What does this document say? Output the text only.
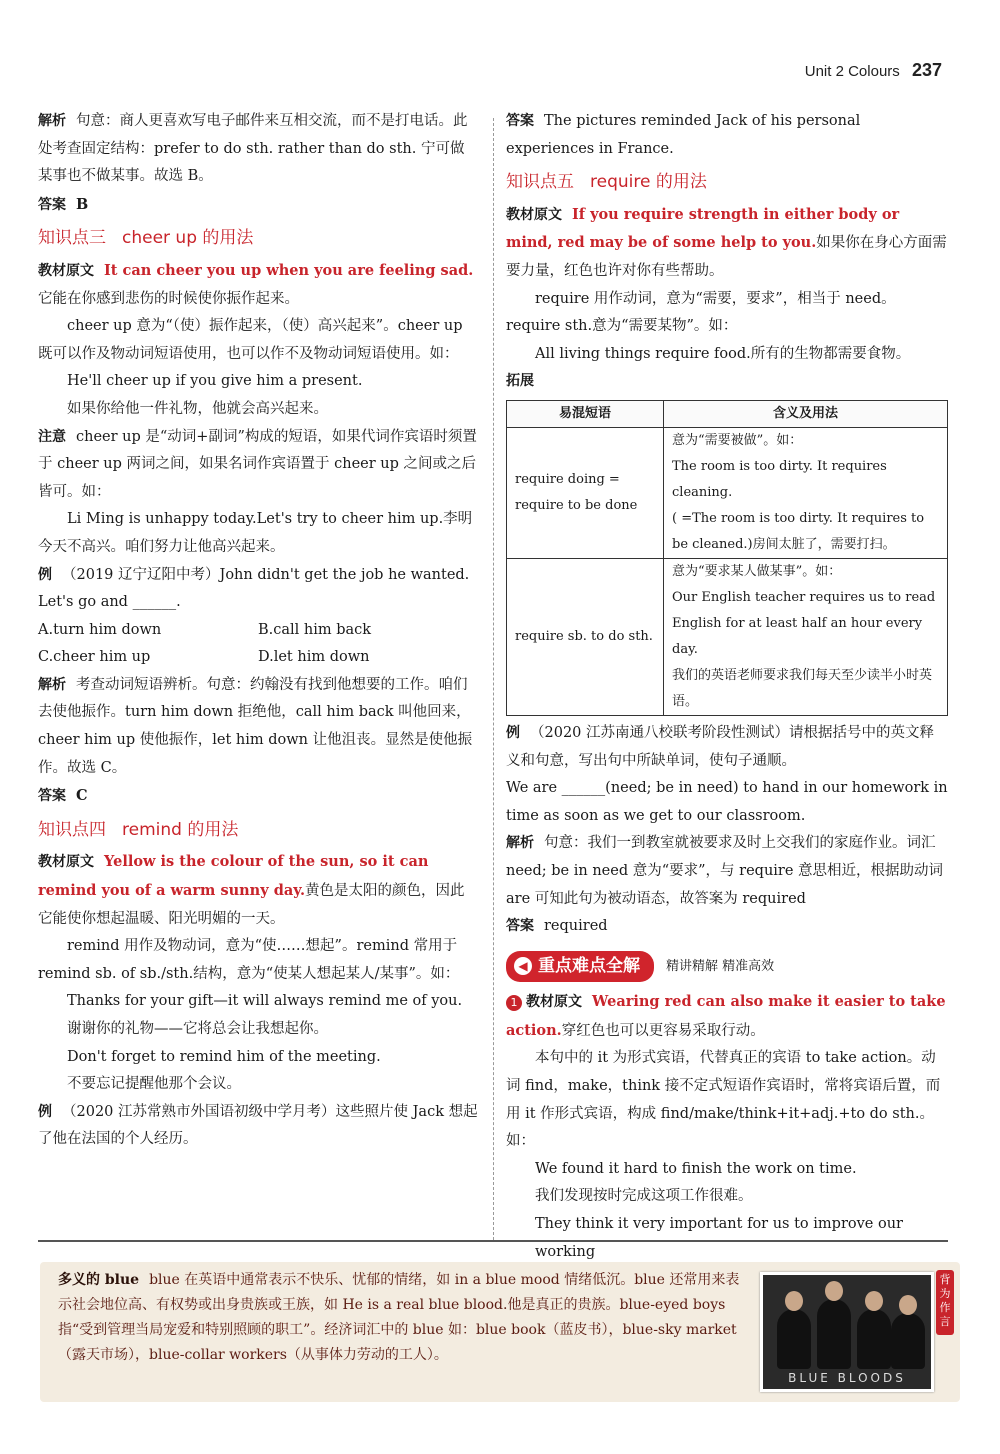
Unit 2 Colours 237

解析 句意：商人更喜欢写电子邮件来互相交流，而不是打电话。此处考查固定结构：prefer to do sth. rather than do sth. 宁可做某事也不做某事。故选 B。

答案 B

知识点三 cheer up 的用法

教材原文 It can cheer you up when you are feeling sad.它能在你感到悲伤的时候使你振作起来。

cheer up 意为“（使）振作起来，（使）高兴起来”。cheer up 既可以作及物动词短语使用，也可以作不及物动词短语使用。如：

He'll cheer up if you give him a present.

如果你给他一件礼物，他就会高兴起来。

注意 cheer up 是“动词+副词”构成的短语，如果代词作宾语时须置于 cheer up 两词之间，如果名词作宾语置于 cheer up 之间或之后皆可。如：

Li Ming is unhappy today.Let's try to cheer him up.李明今天不高兴。咱们努力让他高兴起来。

例 （2019 辽宁辽阳中考）John didn't get the job he wanted. Let's go and ______.

A.turn him down	B.call him back
C.cheer him up	D.let him down

解析 考查动词短语辨析。句意：约翰没有找到他想要的工作。咱们去使他振作。turn him down 拒绝他，call him back 叫他回来，cheer him up 使他振作，let him down 让他沮丧。显然是使他振作。故选 C。

答案 C

知识点四 remind 的用法

教材原文 Yellow is the colour of the sun, so it can remind you of a warm sunny day.黄色是太阳的颜色，因此它能使你想起温暖、阳光明媚的一天。

remind 用作及物动词，意为“使……想起”。remind 常用于 remind sb. of sb./sth.结构，意为“使某人想起某人/某事”。如：

Thanks for your gift—it will always remind me of you.

谢谢你的礼物——它将总会让我想起你。

Don't forget to remind him of the meeting.

不要忘记提醒他那个会议。

例 （2020 江苏常熟市外国语初级中学月考）这些照片使 Jack 想起了他在法国的个人经历。

答案 The pictures reminded Jack of his personal experiences in France.

知识点五 require 的用法

教材原文 If you require strength in either body or mind, red may be of some help to you.如果你在身心方面需要力量，红色也许对你有些帮助。

require 用作动词，意为“需要，要求”，相当于 need。require sth.意为“需要某物”。如：

All living things require food.所有的生物都需要食物。

拓展

易混短语	含义及用法
require doing = require to be done	意为“需要被做”。如：
The room is too dirty. It requires cleaning.
( =The room is too dirty. It requires to be cleaned.)房间太脏了，需要打扫。

require sb. to do sth.	意为“要求某人做某事”。如：
Our English teacher requires us to read English for at least half an hour every day.
我们的英语老师要求我们每天至少读半小时英语。

例 （2020 江苏南通八校联考阶段性测试）请根据括号中的英文释义和句意，写出句中所缺单词，使句子通顺。

We are ______(need; be in need) to hand in our homework in time as soon as we get to our classroom.

解析 句意：我们一到教室就被要求及时上交我们的家庭作业。词汇 need; be in need 意为“要求”，与 require 意思相近，根据助动词 are 可知此句为被动语态，故答案为 required

答案 required

◀ 重点难点全解 精讲精解 精准高效

1 教材原文 Wearing red can also make it easier to take action.穿红色也可以更容易采取行动。

本句中的 it 为形式宾语，代替真正的宾语 to take action。动词 find，make，think 接不定式短语作宾语时，常将宾语后置，而用 it 作形式宾语，构成 find/make/think+it+adj.+to do sth.。如：

We found it hard to finish the work on time.

我们发现按时完成这项工作很难。

They think it very important for us to improve our working

多义的 blue blue 在英语中通常表示不快乐、忧郁的情绪，如 in a blue mood 情绪低沉。blue 还常用来表示社会地位高、有权势或出身贵族或王族，如 He is a real blue blood.他是真正的贵族。blue-eyed boys 指“受到管理当局宠爱和特别照顾的职工”。经济词汇中的 blue 如：blue book（蓝皮书），blue-sky market（露天市场），blue-collar workers（从事体力劳动的工人）。
BLUE BLOODS
背为作言
